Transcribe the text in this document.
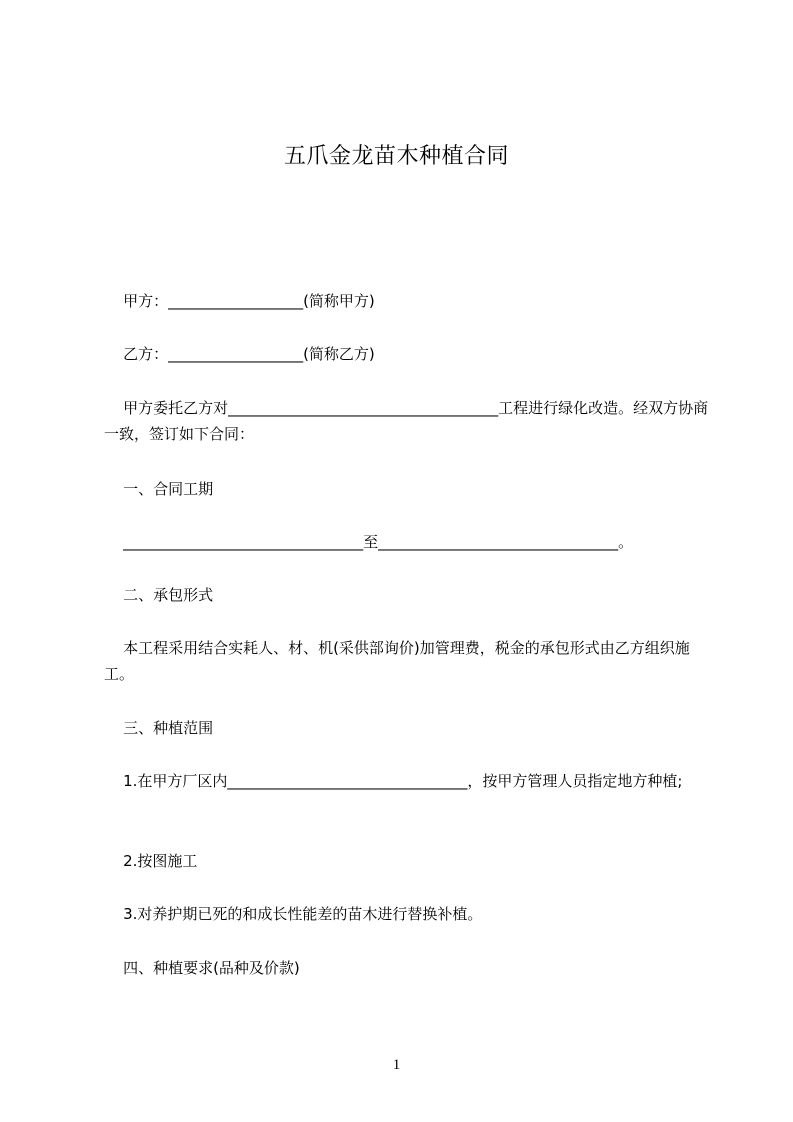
五爪金龙苗木种植合同
甲方：__________________(简称甲方)
乙方：__________________(简称乙方)
甲方委托乙方对____________________________________工程进行绿化改造。经双方协商一致，签订如下合同：
一、合同工期
________________________________至________________________________。
二、承包形式
本工程采用结合实耗人、材、机(采供部询价)加管理费，税金的承包形式由乙方组织施工。
三、种植范围
1.在甲方厂区内________________________________，按甲方管理人员指定地方种植;
2.按图施工
3.对养护期已死的和成长性能差的苗木进行替换补植。
四、种植要求(品种及价款)
1
